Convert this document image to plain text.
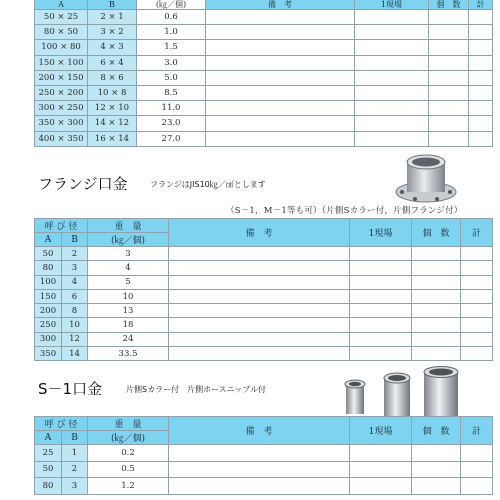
A	B	(㎏／個)	備　考	1現場	個　数	計
50 × 25	2 × 1	0.6				
80 × 50	3 × 2	1.0				
100 × 80	4 × 3	1.5				
150 × 100	6 × 4	3.0				
200 × 150	8 × 6	5.0				
250 × 200	10 × 8	8.5				
300 × 250	12 × 10	11.0				
350 × 300	14 × 12	23.0				
400 × 350	16 × 14	27.0				
フランジ口金	フランジはJIS10㎏／㎠とします
（S－1，M－1等も可）（片側Sカラー付，片側フランジ付）
呼 び 径		重　量	備　考	1現場	個　数	計
A	B	(㎏／個)				
50	2	3				
80	3	4				
100	4	5				
150	6	10				
200	8	13				
250	10	18				
300	12	24				
350	14	33.5				
S－1口金	片側Sカラー付　片側ホースニップル付
呼 び 径		重　量	備　考	1現場	個　数	計
A	B	(㎏／個)				
25	1	0.2				
50	2	0.5				
80	3	1.2				
